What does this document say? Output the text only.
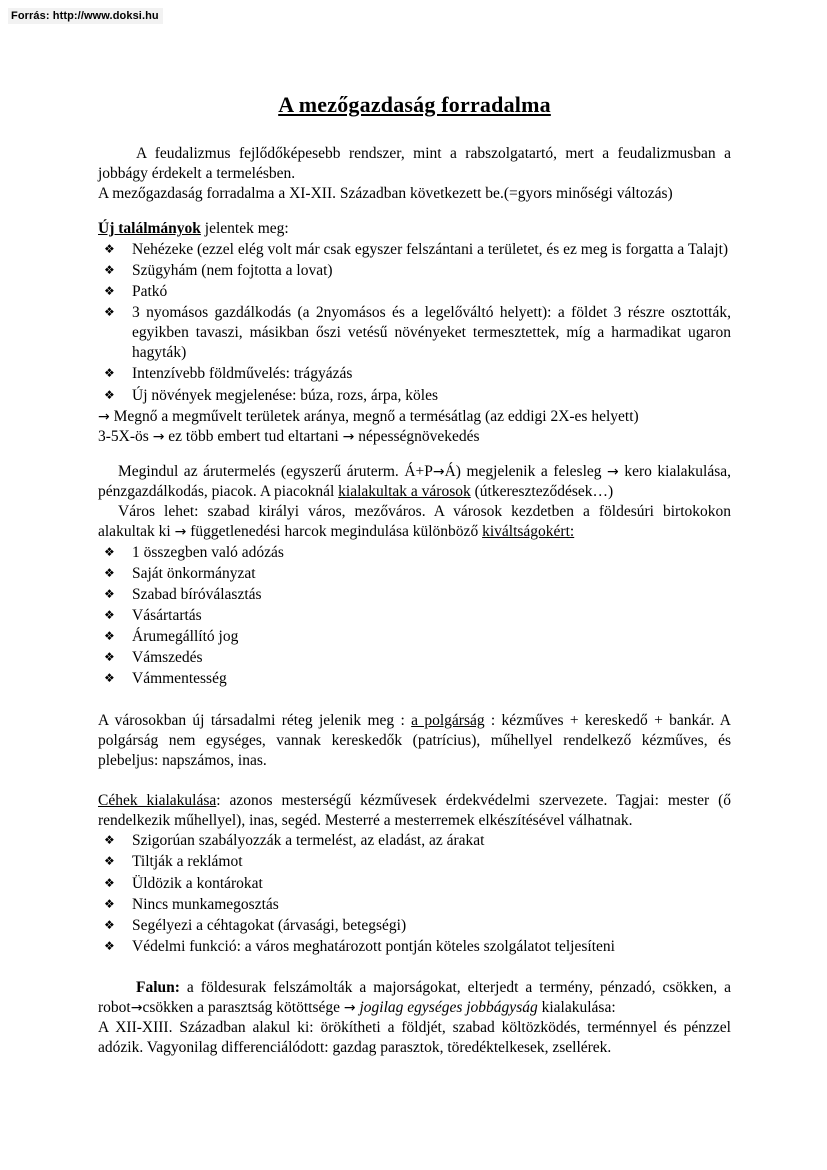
Forrás: http://www.doksi.hu
A mezőgazdaság forradalma

A feudalizmus fejlődőképesebb rendszer, mint a rabszolgatartó, mert a feudalizmusban a jobbágy érdekelt a termelésben.

A mezőgazdaság forradalma a XI-XII. Században következett be.(=gyors minőségi változás)

Új találmányok jelentek meg:

❖ Nehézeke (ezzel elég volt már csak egyszer felszántani a területet, és ez meg is forgatta a Talajt)
❖ Szügyhám (nem fojtotta a lovat)
❖ Patkó
❖ 3 nyomásos gazdálkodás (a 2nyomásos és a legelőváltó helyett): a földet 3 részre osztották, egyikben tavaszi, másikban őszi vetésű növényeket termesztettek, míg a harmadikat ugaron hagyták)
❖ Intenzívebb földművelés: trágyázás
❖ Új növények megjelenése: búza, rozs, árpa, köles

→ Megnő a megművelt területek aránya, megnő a termésátlag (az eddigi 2X-es helyett)

3-5X-ös → ez több embert tud eltartani → népességnövekedés

Megindul az árutermelés (egyszerű áruterm. Á+P→Á) megjelenik a felesleg → kero kialakulása, pénzgazdálkodás, piacok. A piacoknál kialakultak a városok (útkereszteződések…)

Város lehet: szabad királyi város, mezőváros. A városok kezdetben a földesúri birtokokon alakultak ki → függetlenedési harcok megindulása különböző kiváltságokért:

❖ 1 összegben való adózás
❖ Saját önkormányzat
❖ Szabad bíróválasztás
❖ Vásártartás
❖ Árumegállító jog
❖ Vámszedés
❖ Vámmentesség

A városokban új társadalmi réteg jelenik meg : a polgárság : kézműves + kereskedő + bankár. A polgárság nem egységes, vannak kereskedők (patrícius), műhellyel rendelkező kézműves, és plebeljus: napszámos, inas.

Céhek kialakulása: azonos mesterségű kézművesek érdekvédelmi szervezete. Tagjai: mester (ő rendelkezik műhellyel), inas, segéd. Mesterré a mesterremek elkészítésével válhatnak.

❖ Szigorúan szabályozzák a termelést, az eladást, az árakat
❖ Tiltják a reklámot
❖ Üldözik a kontárokat
❖ Nincs munkamegosztás
❖ Segélyezi a céhtagokat (árvasági, betegségi)
❖ Védelmi funkció: a város meghatározott pontján köteles szolgálatot teljesíteni

Falun: a földesurak felszámolták a majorságokat, elterjedt a termény, pénzadó, csökken, a robot→csökken a parasztság kötöttsége → jogilag egységes jobbágyság kialakulása:

A XII-XIII. Században alakul ki: örökítheti a földjét, szabad költözködés, terménnyel és pénzzel adózik. Vagyonilag differenciálódott: gazdag parasztok, töredéktelkesek, zsellérek.
